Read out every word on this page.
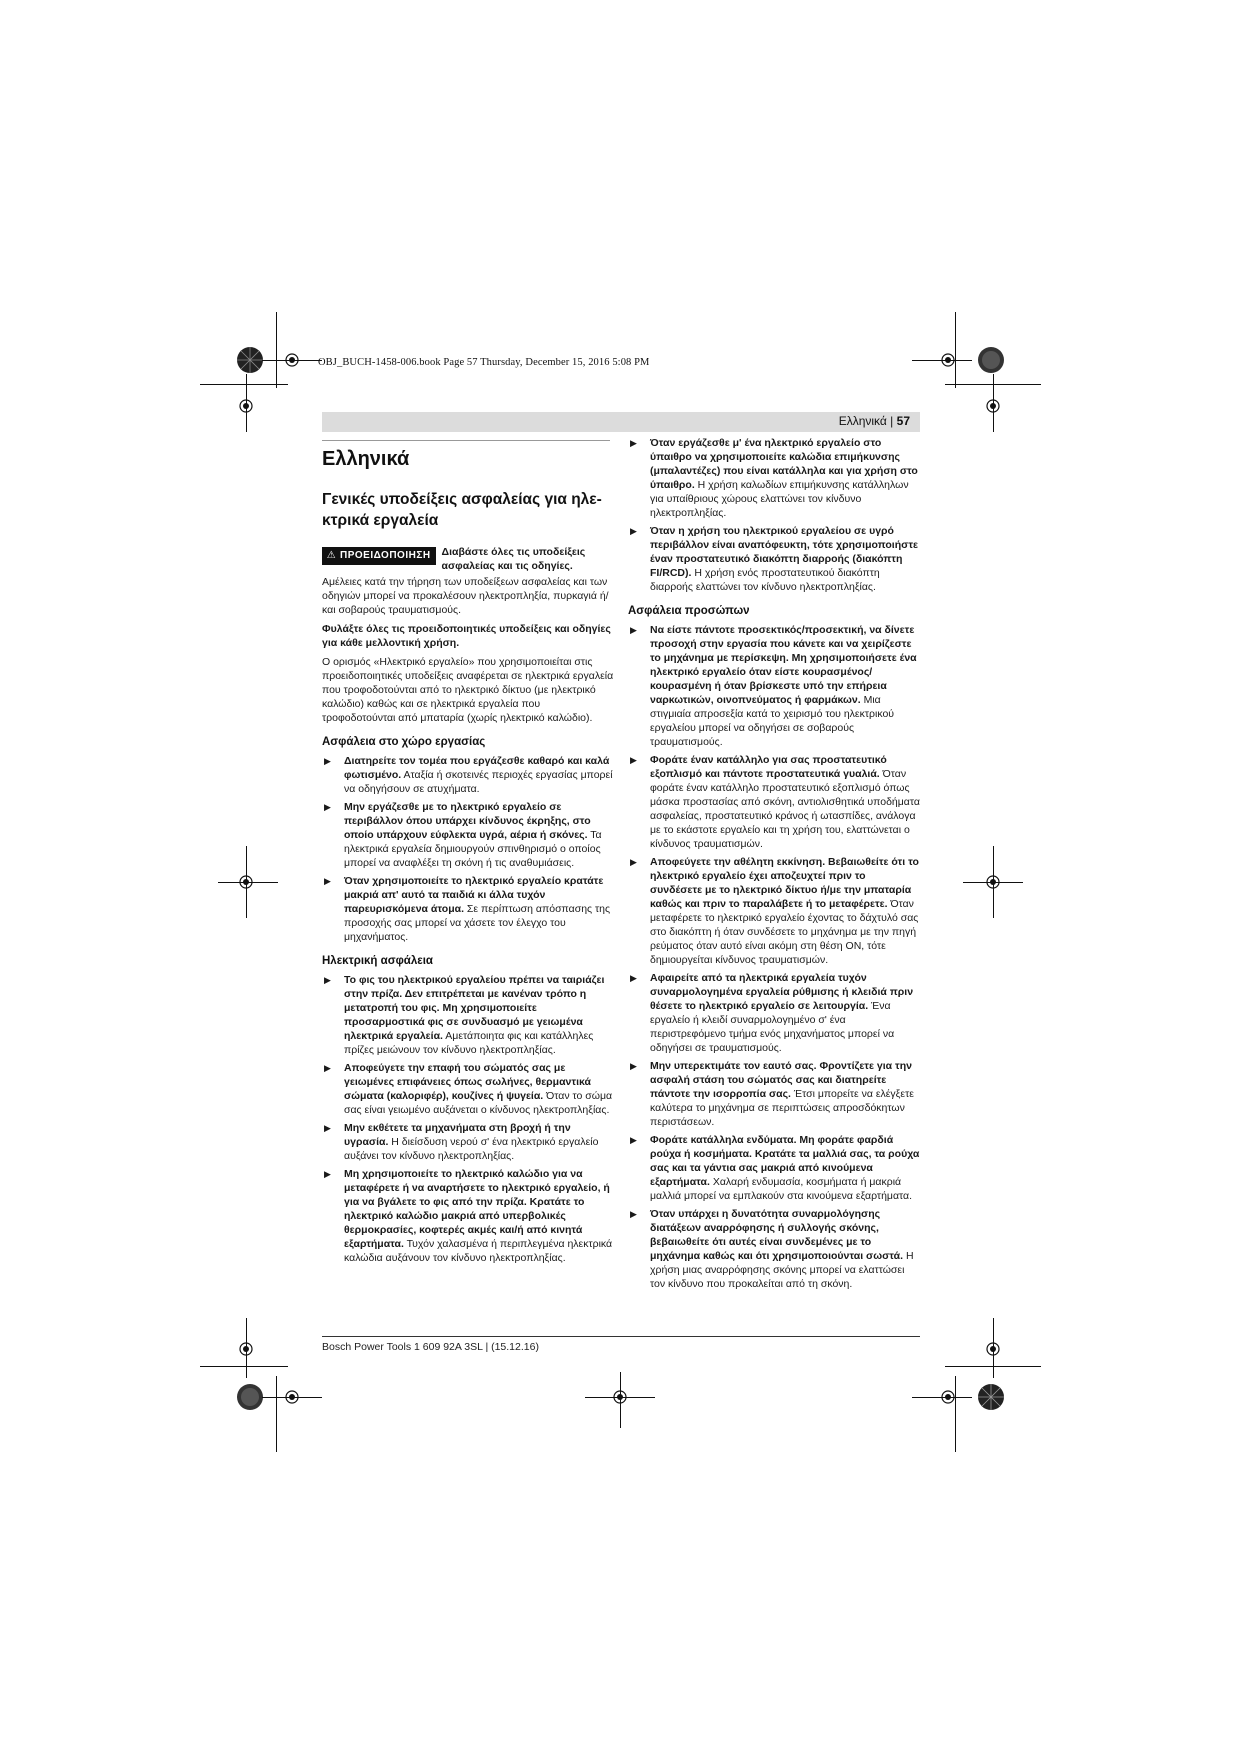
OBJ_BUCH-1458-006.book Page 57 Thursday, December 15, 2016 5:08 PM
Ελληνικά | 57
Ελληνικά
Γενικές υποδείξεις ασφαλείας για ηλε-
κτρικά εργαλεία
⚠ ΠΡΟΕΙΔΟΠΟΙΗΣΗ Διαβάστε όλες τις υποδείξεις ασφαλείας και τις οδηγίες.
Αμέλειες κατά την τήρηση των υποδείξεων ασφαλείας και των οδηγιών μπορεί να προκαλέσουν ηλεκτροπληξία, πυρκαγιά ή/και σοβαρούς τραυματισμούς.
Φυλάξτε όλες τις προειδοποιητικές υποδείξεις και οδηγίες για κάθε μελλοντική χρήση.
Ο ορισμός «Ηλεκτρικό εργαλείο» που χρησιμοποιείται στις προειδοποιητικές υποδείξεις αναφέρεται σε ηλεκτρικά εργαλεία που τροφοδοτούνται από το ηλεκτρικό δίκτυο (με ηλεκτρικό καλώδιο) καθώς και σε ηλεκτρικά εργαλεία που τροφοδοτούνται από μπαταρία (χωρίς ηλεκτρικό καλώδιο).
Ασφάλεια στο χώρο εργασίας
▶ Διατηρείτε τον τομέα που εργάζεσθε καθαρό και καλά φωτισμένο. Αταξία ή σκοτεινές περιοχές εργασίας μπορεί να οδηγήσουν σε ατυχήματα.
▶ Μην εργάζεσθε με το ηλεκτρικό εργαλείο σε περιβάλλον όπου υπάρχει κίνδυνος έκρηξης, στο οποίο υπάρχουν εύφλεκτα υγρά, αέρια ή σκόνες. Τα ηλεκτρικά εργαλεία δημιουργούν σπινθηρισμό ο οποίος μπορεί να αναφλέξει τη σκόνη ή τις αναθυμιάσεις.
▶ Όταν χρησιμοποιείτε το ηλεκτρικό εργαλείο κρατάτε μακριά απ' αυτό τα παιδιά κι άλλα τυχόν παρευρισκόμενα άτομα. Σε περίπτωση απόσπασης της προσοχής σας μπορεί να χάσετε τον έλεγχο του μηχανήματος.
Ηλεκτρική ασφάλεια
▶ Το φις του ηλεκτρικού εργαλείου πρέπει να ταιριάζει στην πρίζα. Δεν επιτρέπεται με κανέναν τρόπο η μετατροπή του φις. Μη χρησιμοποιείτε προσαρμοστικά φις σε συνδυασμό με γειωμένα ηλεκτρικά εργαλεία. Αμετάποιητα φις και κατάλληλες πρίζες μειώνουν τον κίνδυνο ηλεκτροπληξίας.
▶ Αποφεύγετε την επαφή του σώματός σας με γειωμένες επιφάνειες όπως σωλήνες, θερμαντικά σώματα (καλοριφέρ), κουζίνες ή ψυγεία. Όταν το σώμα σας είναι γειωμένο αυξάνεται ο κίνδυνος ηλεκτροπληξίας.
▶ Μην εκθέτετε τα μηχανήματα στη βροχή ή την υγρασία. Η διείσδυση νερού σ' ένα ηλεκτρικό εργαλείο αυξάνει τον κίνδυνο ηλεκτροπληξίας.
▶ Μη χρησιμοποιείτε το ηλεκτρικό καλώδιο για να μεταφέρετε ή να αναρτήσετε το ηλεκτρικό εργαλείο, ή για να βγάλετε το φις από την πρίζα. Κρατάτε το ηλεκτρικό καλώδιο μακριά από υπερβολικές θερμοκρασίες, κοφτερές ακμές και/ή από κινητά εξαρτήματα. Τυχόν χαλασμένα ή περιπλεγμένα ηλεκτρικά καλώδια αυξάνουν τον κίνδυνο ηλεκτροπληξίας.
▶ Όταν εργάζεσθε μ' ένα ηλεκτρικό εργαλείο στο ύπαιθρο να χρησιμοποιείτε καλώδια επιμήκυνσης (μπαλαντέζες) που είναι κατάλληλα και για χρήση στο ύπαιθρο. Η χρήση καλωδίων επιμήκυνσης κατάλληλων για υπαίθριους χώρους ελαττώνει τον κίνδυνο ηλεκτροπληξίας.
▶ Όταν η χρήση του ηλεκτρικού εργαλείου σε υγρό περιβάλλον είναι αναπόφευκτη, τότε χρησιμοποιήστε έναν προστατευτικό διακόπτη διαρροής (διακόπτη FI/RCD). Η χρήση ενός προστατευτικού διακόπτη διαρροής ελαττώνει τον κίνδυνο ηλεκτροπληξίας.
Ασφάλεια προσώπων
▶ Να είστε πάντοτε προσεκτικός/προσεκτική, να δίνετε προσοχή στην εργασία που κάνετε και να χειρίζεστε το μηχάνημα με περίσκεψη. Μη χρησιμοποιήσετε ένα ηλεκτρικό εργαλείο όταν είστε κουρασμένος/κουρασμένη ή όταν βρίσκεστε υπό την επήρεια ναρκωτικών, οινοπνεύματος ή φαρμάκων. Μια στιγμιαία απροσεξία κατά το χειρισμό του ηλεκτρικού εργαλείου μπορεί να οδηγήσει σε σοβαρούς τραυματισμούς.
▶ Φοράτε έναν κατάλληλο για σας προστατευτικό εξοπλισμό και πάντοτε προστατευτικά γυαλιά. Όταν φοράτε έναν κατάλληλο προστατευτικό εξοπλισμό όπως μάσκα προστασίας από σκόνη, αντιολισθητικά υποδήματα ασφαλείας, προστατευτικό κράνος ή ωτασπίδες, ανάλογα με το εκάστοτε εργαλείο και τη χρήση του, ελαττώνεται ο κίνδυνος τραυματισμών.
▶ Αποφεύγετε την αθέλητη εκκίνηση. Βεβαιωθείτε ότι το ηλεκτρικό εργαλείο έχει αποζευχτεί πριν το συνδέσετε με το ηλεκτρικό δίκτυο ή/με την μπαταρία καθώς και πριν το παραλάβετε ή το μεταφέρετε. Όταν μεταφέρετε το ηλεκτρικό εργαλείο έχοντας το δάχτυλό σας στο διακόπτη ή όταν συνδέσετε το μηχάνημα με την πηγή ρεύματος όταν αυτό είναι ακόμη στη θέση ON, τότε δημιουργείται κίνδυνος τραυματισμών.
▶ Αφαιρείτε από τα ηλεκτρικά εργαλεία τυχόν συναρμολογημένα εργαλεία ρύθμισης ή κλειδιά πριν θέσετε το ηλεκτρικό εργαλείο σε λειτουργία. Ένα εργαλείο ή κλειδί συναρμολογημένο σ' ένα περιστρεφόμενο τμήμα ενός μηχανήματος μπορεί να οδηγήσει σε τραυματισμούς.
▶ Μην υπερεκτιμάτε τον εαυτό σας. Φροντίζετε για την ασφαλή στάση του σώματός σας και διατηρείτε πάντοτε την ισορροπία σας. Έτσι μπορείτε να ελέγξετε καλύτερα το μηχάνημα σε περιπτώσεις απροσδόκητων περιστάσεων.
▶ Φοράτε κατάλληλα ενδύματα. Μη φοράτε φαρδιά ρούχα ή κοσμήματα. Κρατάτε τα μαλλιά σας, τα ρούχα σας και τα γάντια σας μακριά από κινούμενα εξαρτήματα. Χαλαρή ενδυμασία, κοσμήματα ή μακριά μαλλιά μπορεί να εμπλακούν στα κινούμενα εξαρτήματα.
▶ Όταν υπάρχει η δυνατότητα συναρμολόγησης διατάξεων αναρρόφησης ή συλλογής σκόνης, βεβαιωθείτε ότι αυτές είναι συνδεμένες με το μηχάνημα καθώς και ότι χρησιμοποιούνται σωστά. Η χρήση μιας αναρρόφησης σκόνης μπορεί να ελαττώσει τον κίνδυνο που προκαλείται από τη σκόνη.
Bosch Power Tools 1 609 92A 3SL | (15.12.16)
